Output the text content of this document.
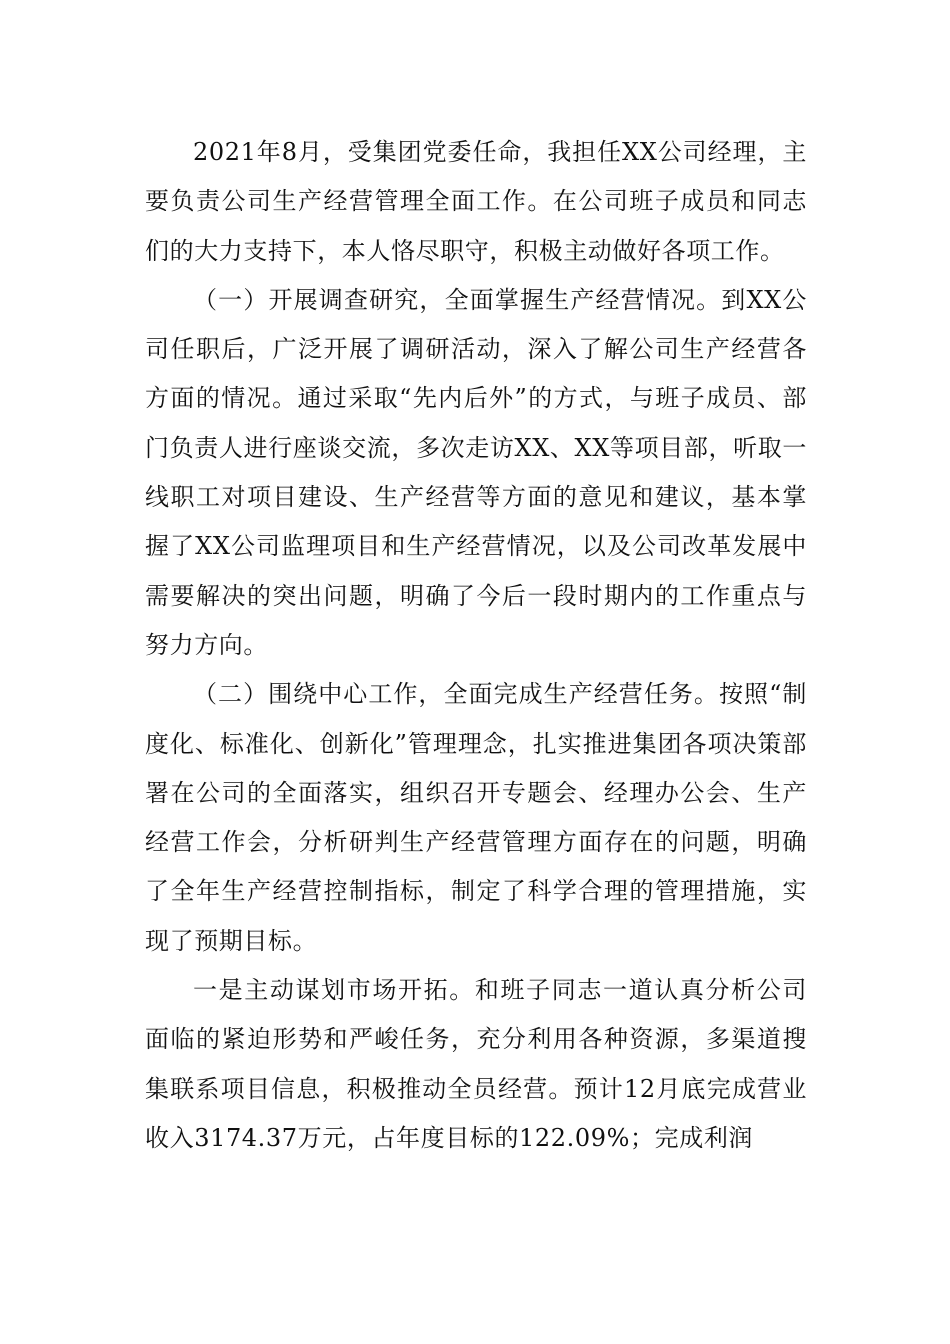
2021年8月，受集团党委任命，我担任XX公司经理，主要负责公司生产经营管理全面工作。在公司班子成员和同志们的大力支持下，本人恪尽职守，积极主动做好各项工作。

（一）开展调查研究，全面掌握生产经营情况。到XX公司任职后，广泛开展了调研活动，深入了解公司生产经营各方面的情况。通过采取“先内后外”的方式，与班子成员、部门负责人进行座谈交流，多次走访XX、XX等项目部，听取一线职工对项目建设、生产经营等方面的意见和建议，基本掌握了XX公司监理项目和生产经营情况，以及公司改革发展中需要解决的突出问题，明确了今后一段时期内的工作重点与努力方向。

（二）围绕中心工作，全面完成生产经营任务。按照“制度化、标准化、创新化”管理理念，扎实推进集团各项决策部署在公司的全面落实，组织召开专题会、经理办公会、生产经营工作会，分析研判生产经营管理方面存在的问题，明确了全年生产经营控制指标，制定了科学合理的管理措施，实现了预期目标。

一是主动谋划市场开拓。和班子同志一道认真分析公司面临的紧迫形势和严峻任务，充分利用各种资源，多渠道搜集联系项目信息，积极推动全员经营。预计12月底完成营业收入3174.37万元，占年度目标的122.09%；完成利润
